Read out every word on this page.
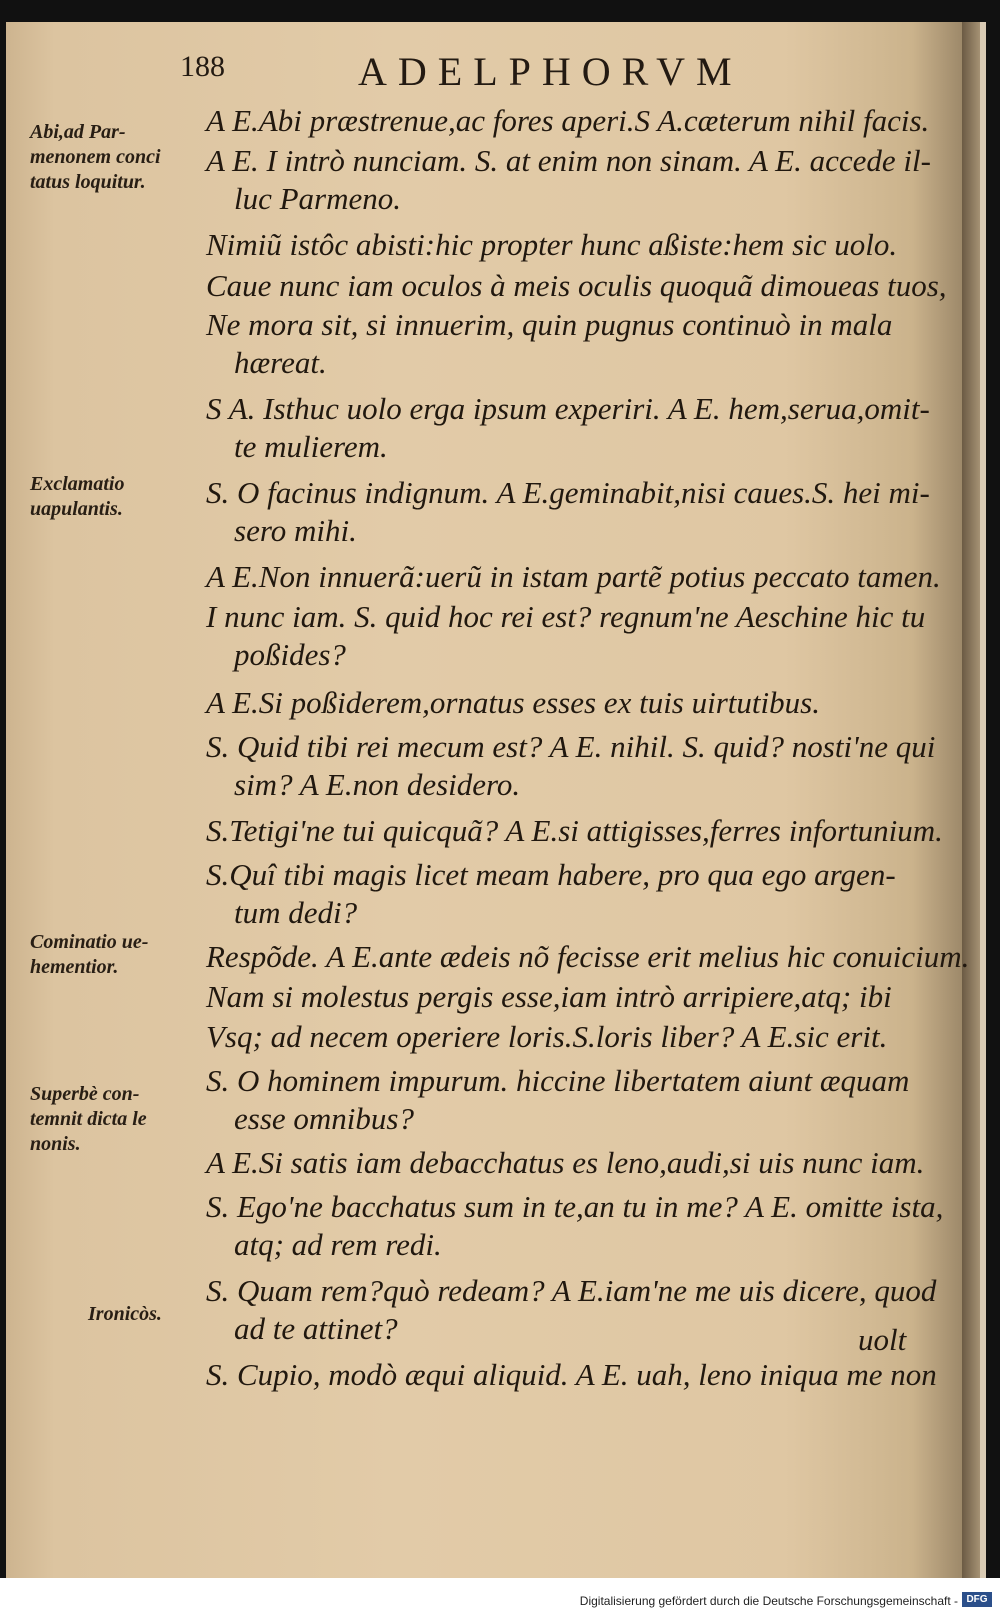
188	ADELPHORVM
Abi,ad Par-
menonem conci
tatus loquitur.
Exclamatio
uapulantis.
Cominatio ue-
hementior.
Superbè con-
temnit dicta le
nonis.
Ironicòs.
A E.Abi præstrenue,ac fores aperi.S A.cæterum nihil facis.
A E. I intrò nunciam. S. at enim non sinam. A E. accede il-
luc Parmeno.
Nimiũ istôc abisti:hic propter hunc aßiste:hem sic uolo.
Caue nunc iam oculos à meis oculis quoquã dimoueas tuos,
Ne mora sit, si innuerim, quin pugnus continuò in mala
hæreat.
S A. Isthuc uolo erga ipsum experiri. A E. hem,serua,omit-
te mulierem.
S. O facinus indignum. A E.geminabit,nisi caues.S. hei mi-
sero mihi.
A E.Non innuerã:uerũ in istam partẽ potius peccato tamen.
I nunc iam. S. quid hoc rei est? regnum'ne Aeschine hic tu
poßides?
A E.Si poßiderem,ornatus esses ex tuis uirtutibus.
S. Quid tibi rei mecum est? A E. nihil. S. quid? nosti'ne qui
sim? A E.non desidero.
S.Tetigi'ne tui quicquã? A E.si attigisses,ferres infortunium.
S.Quî tibi magis licet meam habere, pro qua ego argen-
tum dedi?
Respõde. A E.ante ædeis nõ fecisse erit melius hic conuicium.
Nam si molestus pergis esse,iam intrò arripiere,atq; ibi
Vsq; ad necem operiere loris.S.loris liber? A E.sic erit.
S. O hominem impurum. hiccine libertatem aiunt æquam
esse omnibus?
A E.Si satis iam debacchatus es leno,audi,si uis nunc iam.
S. Ego'ne bacchatus sum in te,an tu in me? A E. omitte ista,
atq; ad rem redi.
S. Quam rem?quò redeam? A E.iam'ne me uis dicere, quod
ad te attinet?
S. Cupio, modò æqui aliquid. A E. uah, leno iniqua me non
uolt
Digitalisierung gefördert durch die Deutsche Forschungsgemeinschaft - DFG
